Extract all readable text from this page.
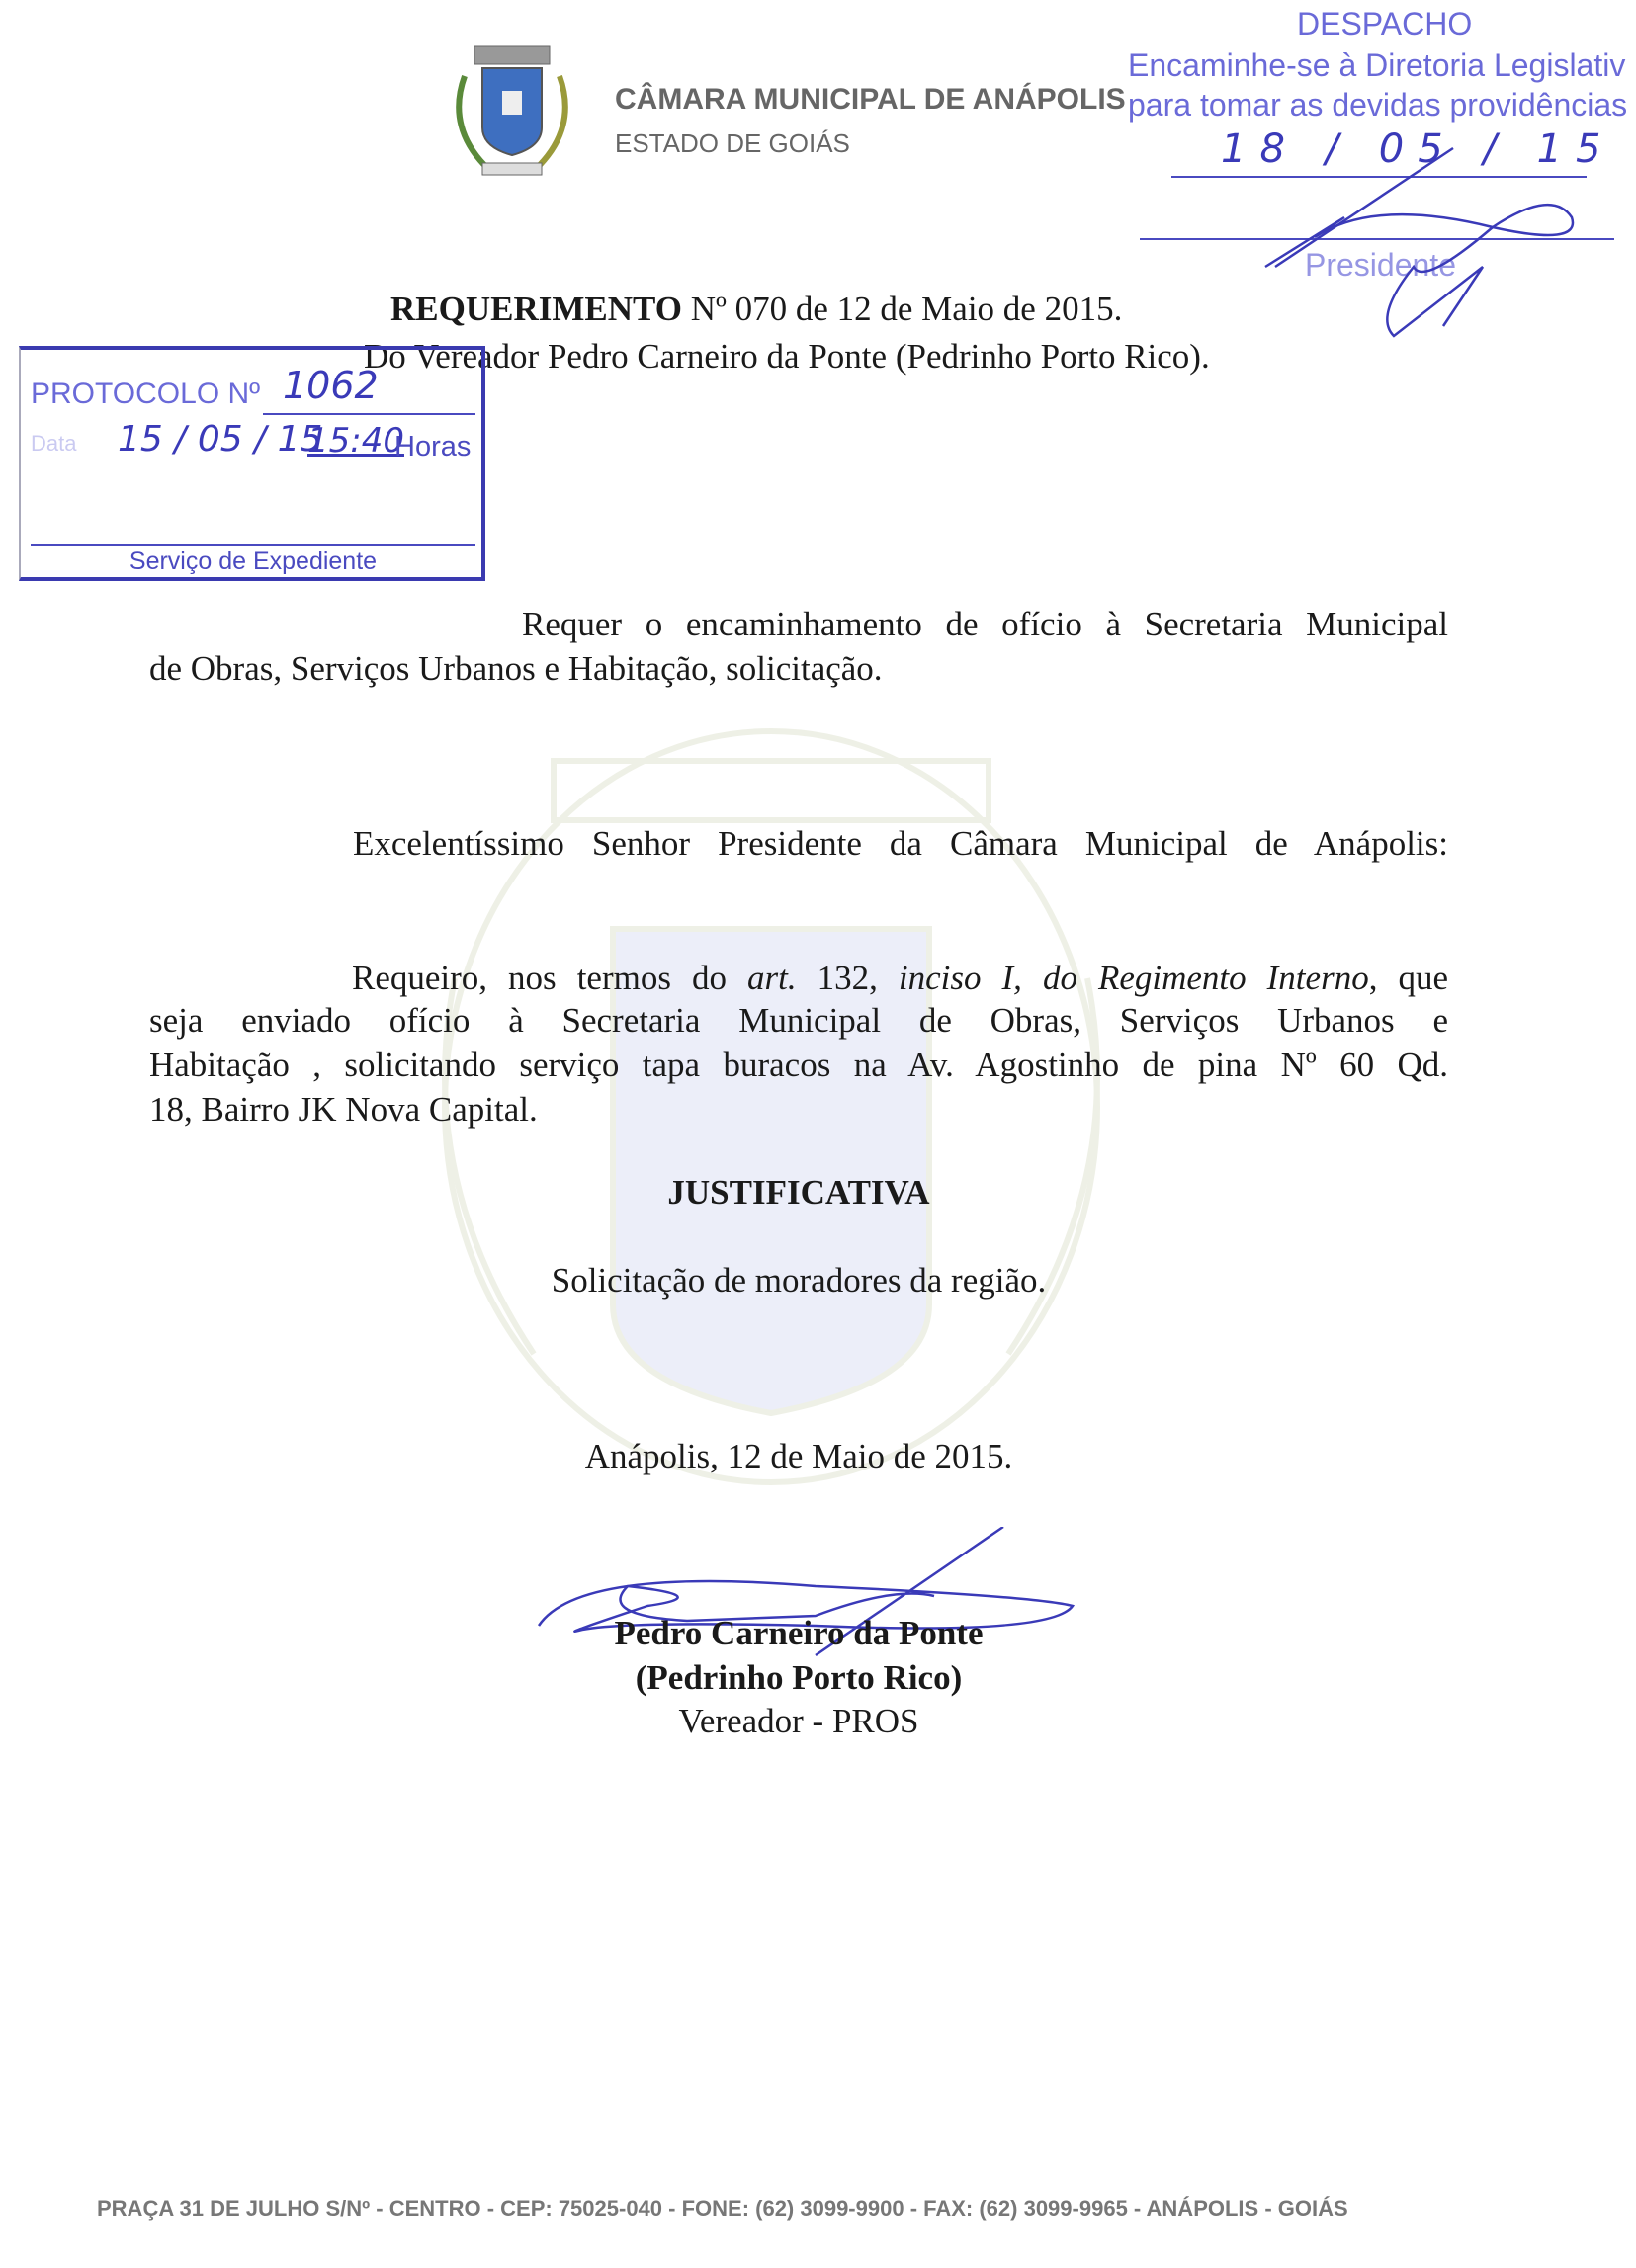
CÂMARA MUNICIPAL DE ANÁPOLIS
ESTADO DE GOIÁS
DESPACHO
Encaminhe-se à Diretoria Legislativ
para tomar as devidas providências
18 / 05 / 15
Presidente
REQUERIMENTO Nº 070 de 12 de Maio de 2015.
Do Vereador Pedro Carneiro da Ponte (Pedrinho Porto Rico).
PROTOCOLO Nº 1062
Data 15 / 05 / 15
15:40
Horas
Serviço de Expediente
Requer o encaminhamento de ofício à Secretaria Municipal
de Obras, Serviços Urbanos e Habitação, solicitação.
Excelentíssimo Senhor Presidente da Câmara Municipal de Anápolis:
Requeiro, nos termos do art. 132, inciso I, do Regimento Interno, que
seja enviado ofício à Secretaria Municipal de Obras, Serviços Urbanos e
Habitação , solicitando serviço tapa buracos na Av. Agostinho de pina Nº 60 Qd.
18, Bairro JK Nova Capital.
JUSTIFICATIVA
Solicitação de moradores da região.
Anápolis, 12 de Maio de 2015.
Pedro Carneiro da Ponte
(Pedrinho Porto Rico)
Vereador - PROS
PRAÇA 31 DE JULHO S/Nº - CENTRO - CEP: 75025-040 - FONE: (62) 3099-9900 - FAX: (62) 3099-9965 - ANÁPOLIS - GOIÁS
